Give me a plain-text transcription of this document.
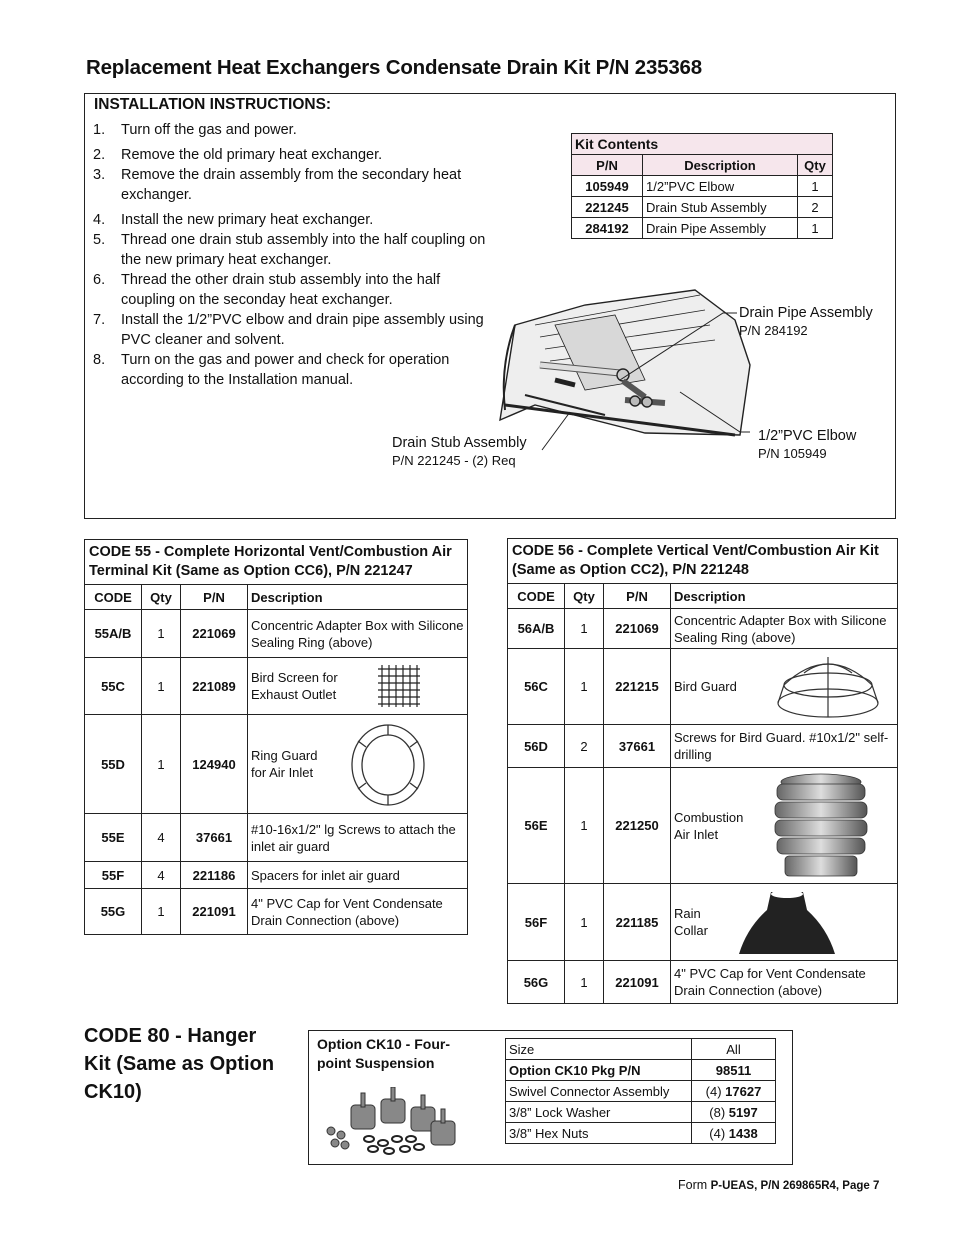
Replacement Heat Exchangers Condensate Drain Kit P/N 235368
INSTALLATION INSTRUCTIONS:
1. Turn off the gas and power.
2. Remove the old primary heat exchanger.
3. Remove the drain assembly from the secondary heat exchanger.
4. Install the new primary heat exchanger.
5. Thread one drain stub assembly into the half coupling on the new primary heat exchanger.
6. Thread the other drain stub assembly into the half coupling on the seconday heat exchanger.
7. Install the 1/2”PVC elbow and drain pipe assembly using PVC cleaner and solvent.
8. Turn on the gas and power and check for operation according to the Installation manual.
Kit Contents		
P/N	Description	Qty
105949	1/2”PVC Elbow	1
221245	Drain Stub Assembly	2
284192	Drain Pipe Assembly	1
Drain Pipe Assembly
P/N 284192
1/2”PVC Elbow
P/N 105949
Drain Stub Assembly
P/N 221245 - (2) Req
CODE 55 - Complete Horizontal Vent/Combustion Air Terminal Kit (Same as Option CC6), P/N 221247			
CODE	Qty	P/N	Description
55A/B	1	221069	Concentric Adapter Box with Silicone Sealing Ring (above)
55C	1	221089	Bird Screen for Exhaust Outlet

55D	1	124940	Ring Guard for Air Inlet

55E	4	37661	#10-16x1/2" lg Screws to attach the inlet air guard
55F	4	221186	Spacers for inlet air guard
55G	1	221091	4" PVC Cap for Vent Condensate Drain Connection (above)
CODE 56 - Complete Vertical Vent/Combustion Air Kit (Same as Option CC2), P/N 221248			
CODE	Qty	P/N	Description
56A/B	1	221069	Concentric Adapter Box with Silicone Sealing Ring (above)
56C	1	221215	Bird Guard

56D	2	37661	Screws for Bird Guard. #10x1/2" self-drilling
56E	1	221250	Combustion Air Inlet

56F	1	221185	Rain Collar

56G	1	221091	4" PVC Cap for Vent Condensate Drain Connection (above)
CODE 80 - Hanger Kit (Same as Option CK10)
Option CK10 - Four-point Suspension
Size	All
Option CK10 Pkg P/N	98511
Swivel Connector Assembly	(4) 17627
3/8” Lock Washer	(8) 5197
3/8” Hex Nuts	(4) 1438
Form P-UEAS, P/N 269865R4, Page 7
